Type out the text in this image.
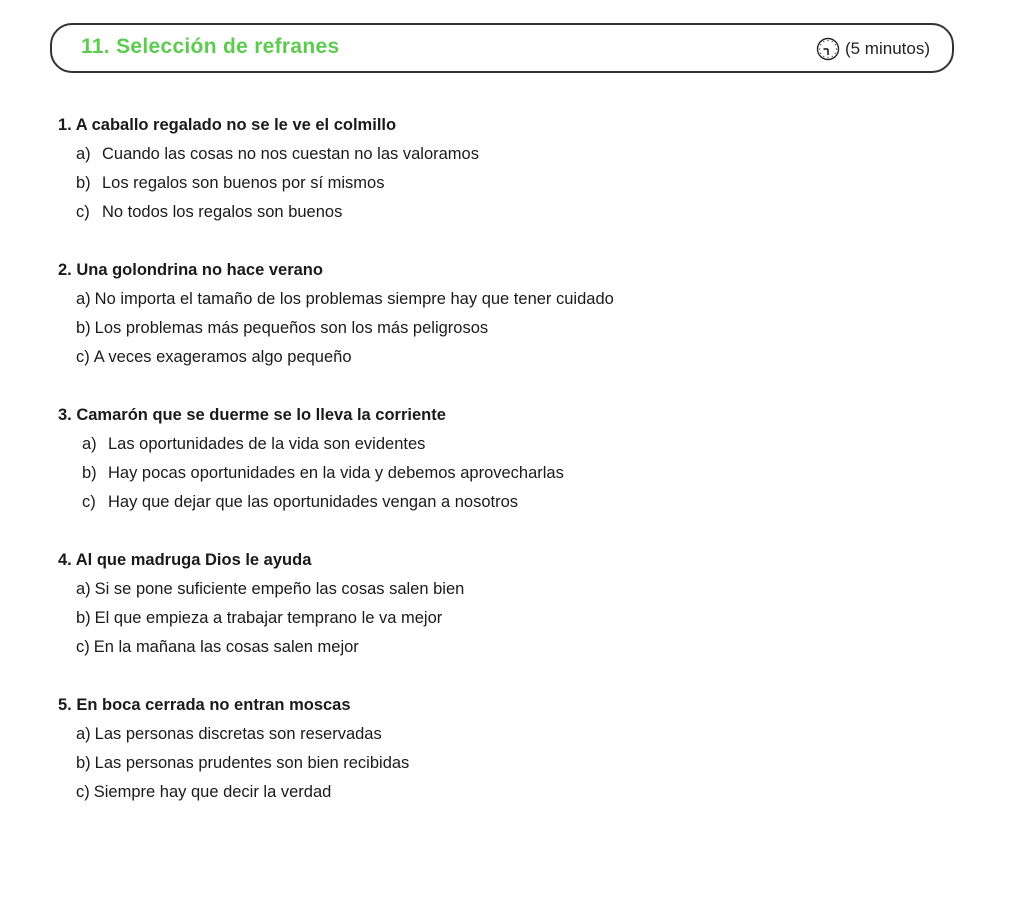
11. Selección de refranes	(5 minutos)
1. A caballo regalado no se le ve el colmillo
a) Cuando las cosas no nos cuestan no las valoramos
b) Los regalos son buenos por sí mismos
c) No todos los regalos son buenos
2. Una golondrina no hace verano
a) No importa el tamaño de los problemas siempre hay que tener cuidado
b) Los problemas más pequeños son los más peligrosos
c) A veces exageramos algo pequeño
3. Camarón que se duerme se lo lleva la corriente
a) Las oportunidades de la vida son evidentes
b) Hay pocas oportunidades en la vida y debemos aprovecharlas
c) Hay que dejar que las oportunidades vengan a nosotros
4. Al que madruga Dios le ayuda
a) Si se pone suficiente empeño las cosas salen bien
b) El que empieza a trabajar temprano le va mejor
c) En la mañana las cosas salen mejor
5. En boca cerrada no entran moscas
a) Las personas discretas son reservadas
b) Las personas prudentes son bien recibidas
c) Siempre hay que decir la verdad
